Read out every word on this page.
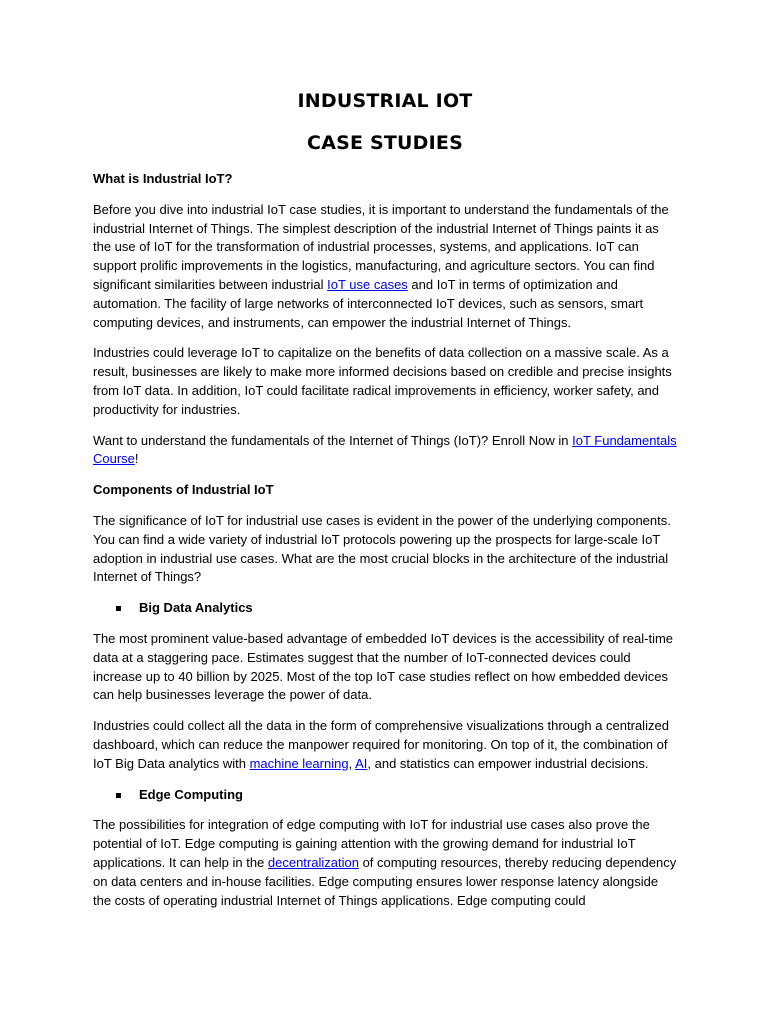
INDUSTRIAL IOT
CASE STUDIES

What is Industrial IoT?

Before you dive into industrial IoT case studies, it is important to understand the fundamentals of the industrial Internet of Things. The simplest description of the industrial Internet of Things paints it as the use of IoT for the transformation of industrial processes, systems, and applications. IoT can support prolific improvements in the logistics, manufacturing, and agriculture sectors. You can find significant similarities between industrial IoT use cases and IoT in terms of optimization and automation. The facility of large networks of interconnected IoT devices, such as sensors, smart computing devices, and instruments, can empower the industrial Internet of Things.

Industries could leverage IoT to capitalize on the benefits of data collection on a massive scale. As a result, businesses are likely to make more informed decisions based on credible and precise insights from IoT data. In addition, IoT could facilitate radical improvements in efficiency, worker safety, and productivity for industries.

Want to understand the fundamentals of the Internet of Things (IoT)? Enroll Now in IoT Fundamentals Course!

Components of Industrial IoT

The significance of IoT for industrial use cases is evident in the power of the underlying components. You can find a wide variety of industrial IoT protocols powering up the prospects for large-scale IoT adoption in industrial use cases. What are the most crucial blocks in the architecture of the industrial Internet of Things?

Big Data Analytics

The most prominent value-based advantage of embedded IoT devices is the accessibility of real-time data at a staggering pace. Estimates suggest that the number of IoT-connected devices could increase up to 40 billion by 2025. Most of the top IoT case studies reflect on how embedded devices can help businesses leverage the power of data.

Industries could collect all the data in the form of comprehensive visualizations through a centralized dashboard, which can reduce the manpower required for monitoring. On top of it, the combination of IoT Big Data analytics with machine learning, AI, and statistics can empower industrial decisions.

Edge Computing

The possibilities for integration of edge computing with IoT for industrial use cases also prove the potential of IoT. Edge computing is gaining attention with the growing demand for industrial IoT applications. It can help in the decentralization of computing resources, thereby reducing dependency on data centers and in-house facilities. Edge computing ensures lower response latency alongside the costs of operating industrial Internet of Things applications. Edge computing could
